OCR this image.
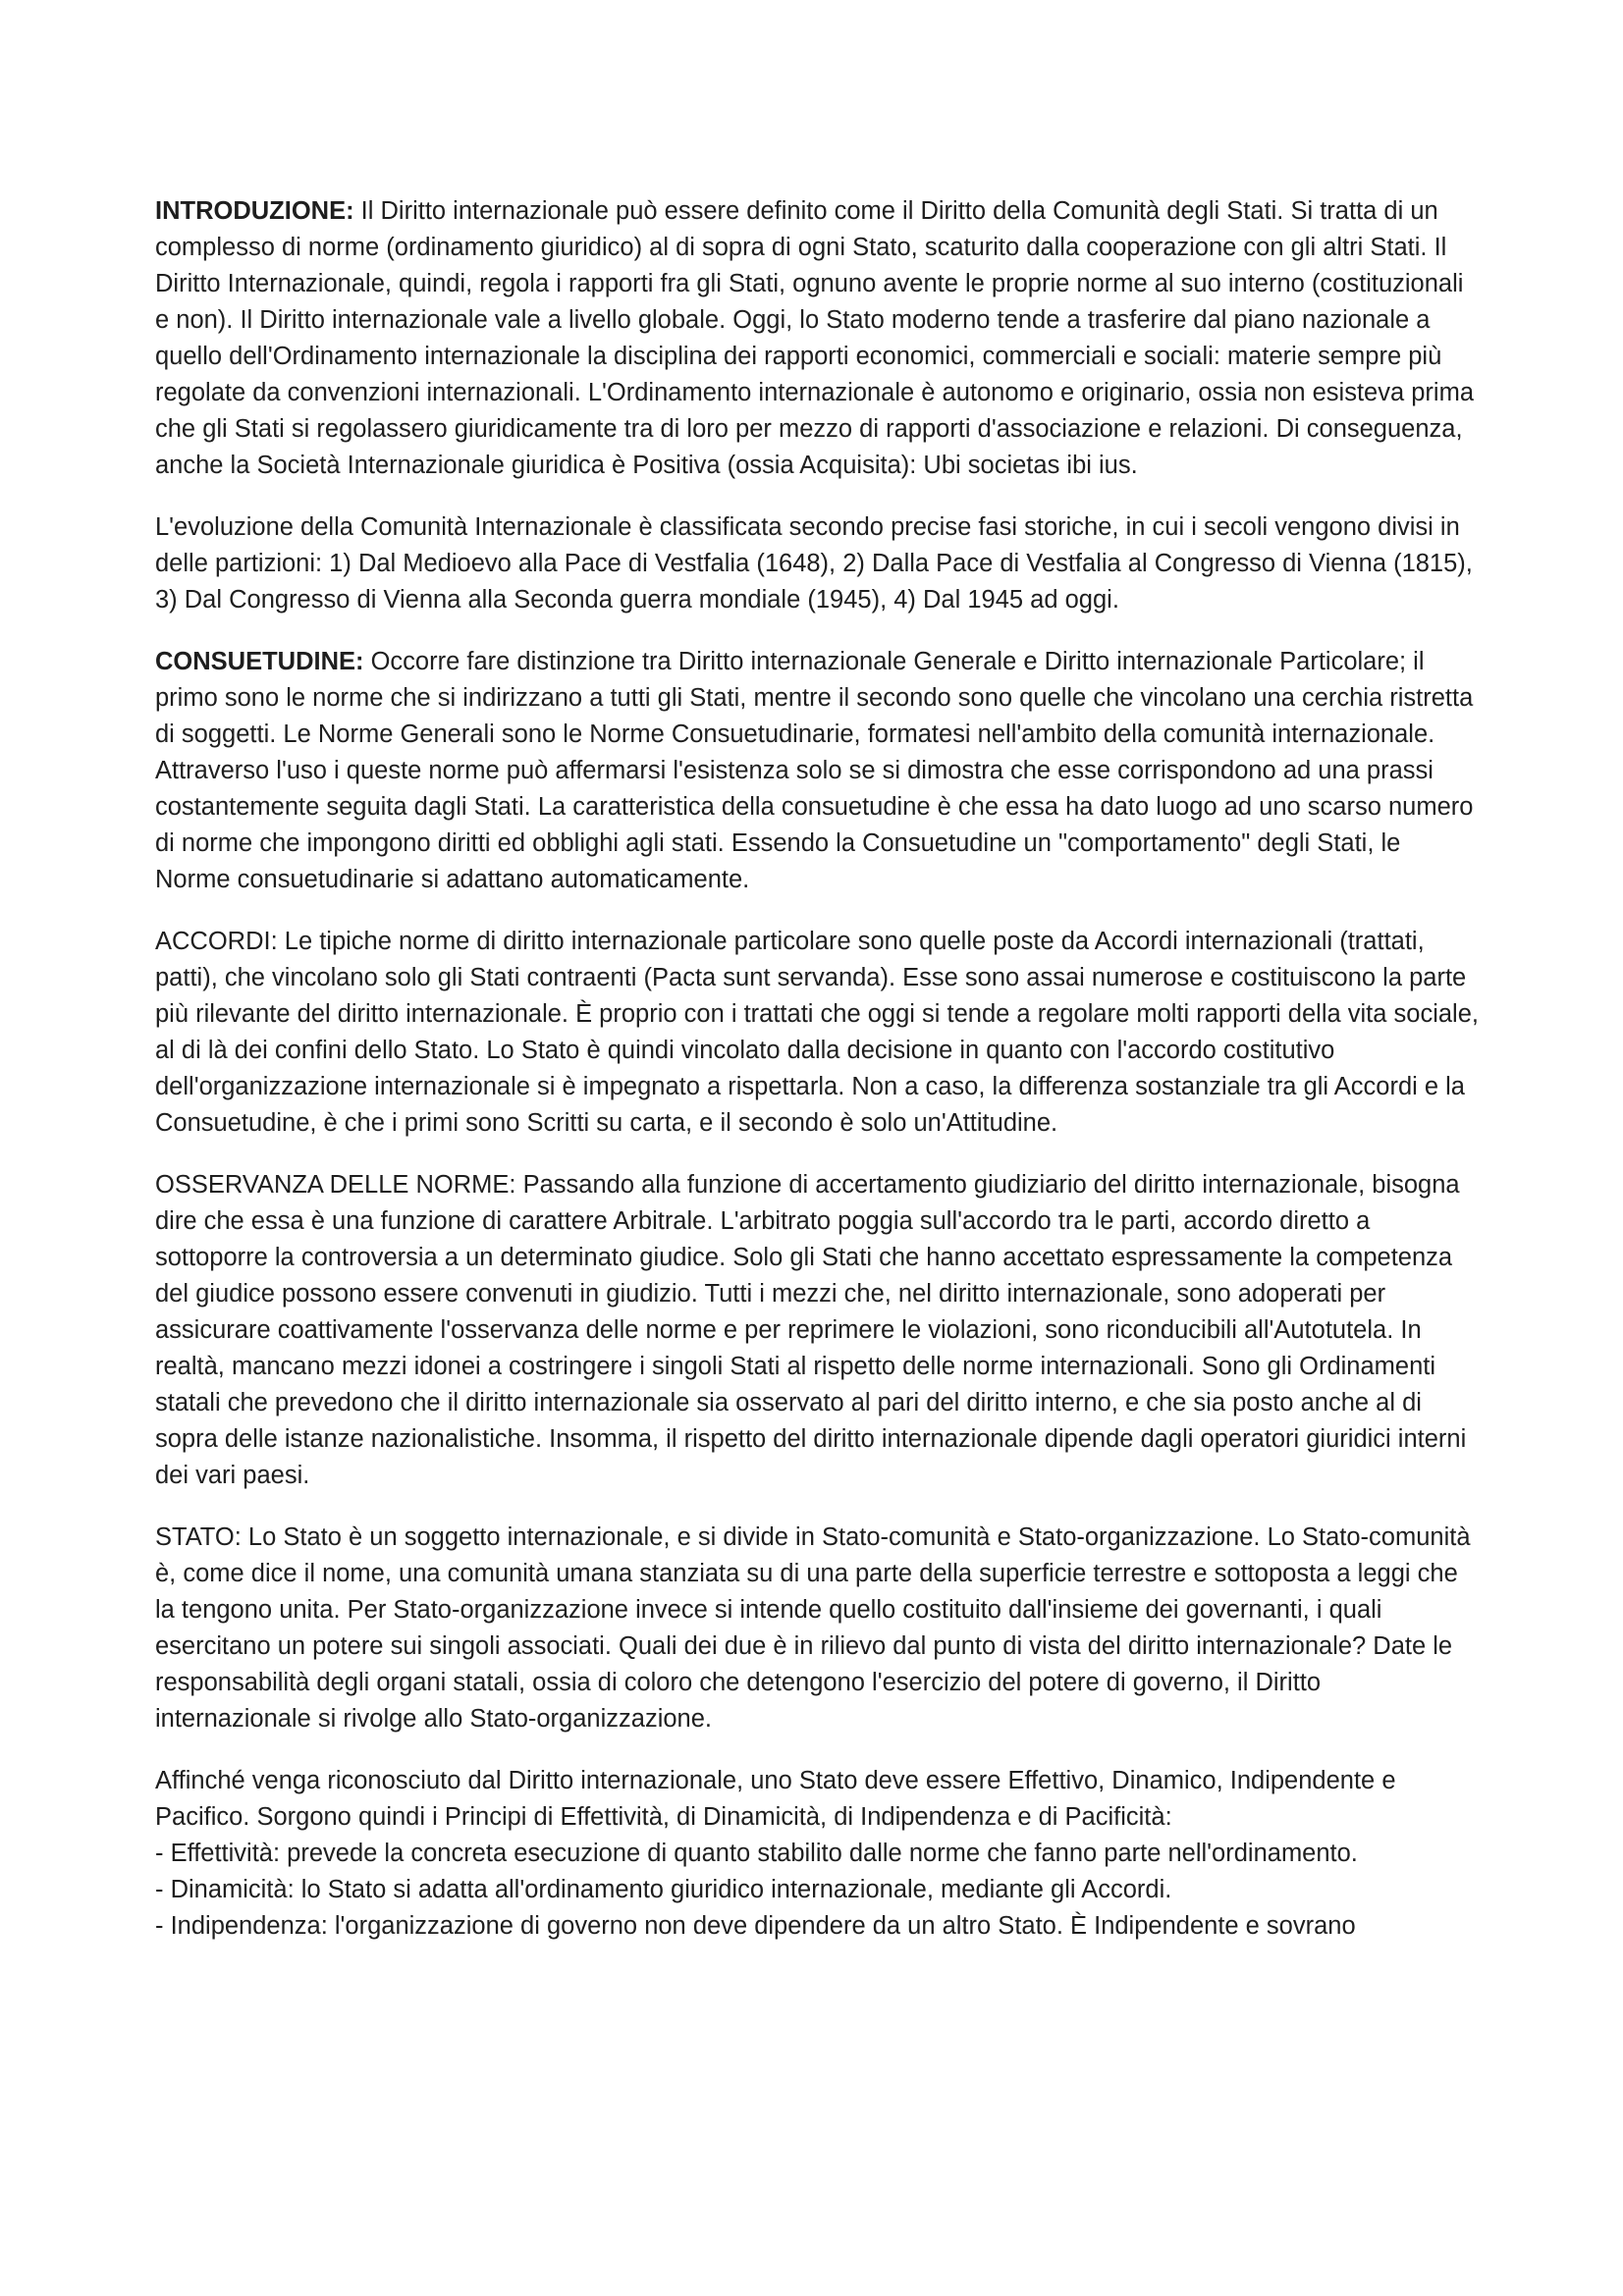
INTRODUZIONE: Il Diritto internazionale può essere definito come il Diritto della Comunità degli Stati. Si tratta di un complesso di norme (ordinamento giuridico) al di sopra di ogni Stato, scaturito dalla cooperazione con gli altri Stati. Il Diritto Internazionale, quindi, regola i rapporti fra gli Stati, ognuno avente le proprie norme al suo interno (costituzionali e non). Il Diritto internazionale vale a livello globale. Oggi, lo Stato moderno tende a trasferire dal piano nazionale a quello dell'Ordinamento internazionale la disciplina dei rapporti economici, commerciali e sociali: materie sempre più regolate da convenzioni internazionali. L'Ordinamento internazionale è autonomo e originario, ossia non esisteva prima che gli Stati si regolassero giuridicamente tra di loro per mezzo di rapporti d'associazione e relazioni. Di conseguenza, anche la Società Internazionale giuridica è Positiva (ossia Acquisita): Ubi societas ibi ius.

L'evoluzione della Comunità Internazionale è classificata secondo precise fasi storiche, in cui i secoli vengono divisi in delle partizioni: 1) Dal Medioevo alla Pace di Vestfalia (1648), 2) Dalla Pace di Vestfalia al Congresso di Vienna (1815), 3) Dal Congresso di Vienna alla Seconda guerra mondiale (1945), 4) Dal 1945 ad oggi.

CONSUETUDINE: Occorre fare distinzione tra Diritto internazionale Generale e Diritto internazionale Particolare; il primo sono le norme che si indirizzano a tutti gli Stati, mentre il secondo sono quelle che vincolano una cerchia ristretta di soggetti. Le Norme Generali sono le Norme Consuetudinarie, formatesi nell'ambito della comunità internazionale. Attraverso l'uso i queste norme può affermarsi l'esistenza solo se si dimostra che esse corrispondono ad una prassi costantemente seguita dagli Stati. La caratteristica della consuetudine è che essa ha dato luogo ad uno scarso numero di norme che impongono diritti ed obblighi agli stati. Essendo la Consuetudine un "comportamento" degli Stati, le Norme consuetudinarie si adattano automaticamente.

ACCORDI: Le tipiche norme di diritto internazionale particolare sono quelle poste da Accordi internazionali (trattati, patti), che vincolano solo gli Stati contraenti (Pacta sunt servanda). Esse sono assai numerose e costituiscono la parte più rilevante del diritto internazionale. È proprio con i trattati che oggi si tende a regolare molti rapporti della vita sociale, al di là dei confini dello Stato. Lo Stato è quindi vincolato dalla decisione in quanto con l'accordo costitutivo dell'organizzazione internazionale si è impegnato a rispettarla. Non a caso, la differenza sostanziale tra gli Accordi e la Consuetudine, è che i primi sono Scritti su carta, e il secondo è solo un'Attitudine.

OSSERVANZA DELLE NORME: Passando alla funzione di accertamento giudiziario del diritto internazionale, bisogna dire che essa è una funzione di carattere Arbitrale. L'arbitrato poggia sull'accordo tra le parti, accordo diretto a sottoporre la controversia a un determinato giudice. Solo gli Stati che hanno accettato espressamente la competenza del giudice possono essere convenuti in giudizio. Tutti i mezzi che, nel diritto internazionale, sono adoperati per assicurare coattivamente l'osservanza delle norme e per reprimere le violazioni, sono riconducibili all'Autotutela. In realtà, mancano mezzi idonei a costringere i singoli Stati al rispetto delle norme internazionali. Sono gli Ordinamenti statali che prevedono che il diritto internazionale sia osservato al pari del diritto interno, e che sia posto anche al di sopra delle istanze nazionalistiche. Insomma, il rispetto del diritto internazionale dipende dagli operatori giuridici interni dei vari paesi.

STATO: Lo Stato è un soggetto internazionale, e si divide in Stato-comunità e Stato-organizzazione. Lo Stato-comunità è, come dice il nome, una comunità umana stanziata su di una parte della superficie terrestre e sottoposta a leggi che la tengono unita. Per Stato-organizzazione invece si intende quello costituito dall'insieme dei governanti, i quali esercitano un potere sui singoli associati. Quali dei due è in rilievo dal punto di vista del diritto internazionale? Date le responsabilità degli organi statali, ossia di coloro che detengono l'esercizio del potere di governo, il Diritto internazionale si rivolge allo Stato-organizzazione.

Affinché venga riconosciuto dal Diritto internazionale, uno Stato deve essere Effettivo, Dinamico, Indipendente e Pacifico. Sorgono quindi i Principi di Effettività, di Dinamicità, di Indipendenza e di Pacificità:

- Effettività: prevede la concreta esecuzione di quanto stabilito dalle norme che fanno parte nell'ordinamento.

- Dinamicità: lo Stato si adatta all'ordinamento giuridico internazionale, mediante gli Accordi.

- Indipendenza: l'organizzazione di governo non deve dipendere da un altro Stato. È Indipendente e sovrano
